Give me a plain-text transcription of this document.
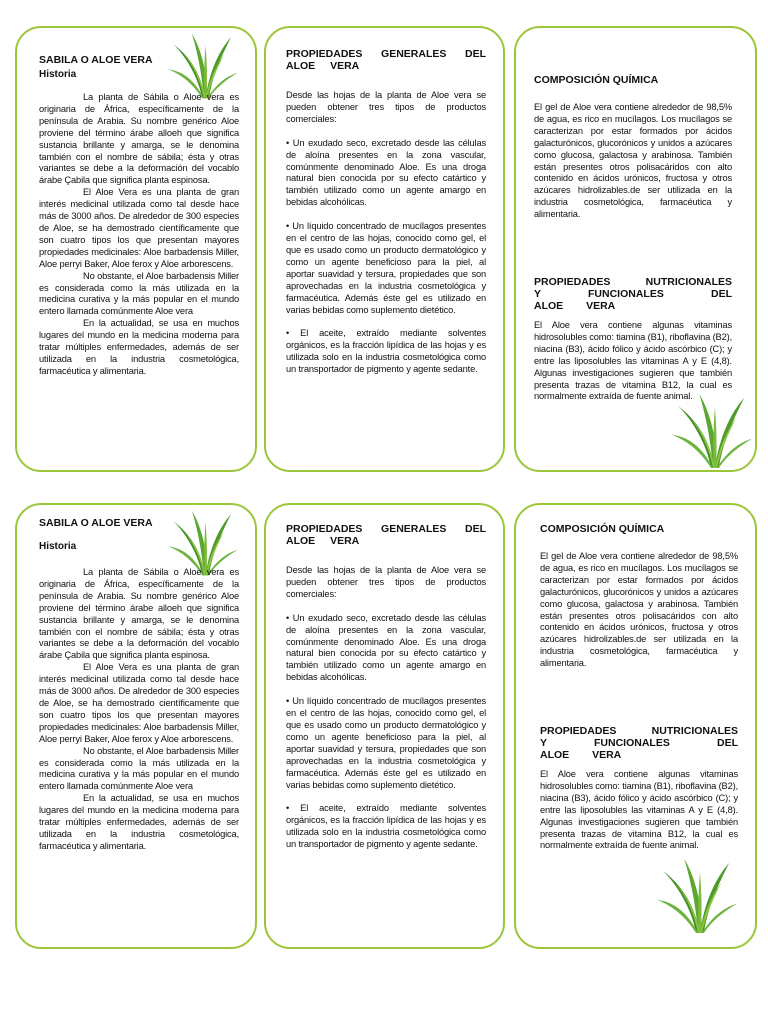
SABILA O ALOE VERA
Historia

La planta de Sábila o Aloe vera es originaria de África, específicamente de la península de Arabia. Su nombre genérico Aloe proviene del término árabe alloeh que significa sustancia brillante y amarga, se le denomina también con el nombre de sábila; ésta y otras variantes se debe a la deformación del vocablo árabe Çabila que significa planta espinosa.

El Aloe Vera es una planta de gran interés medicinal utilizada como tal desde hace más de 3000 años. De alrededor de 300 especies de Aloe, se ha demostrado científicamente que son cuatro tipos los que presentan mayores propiedades medicinales: Aloe barbadensis Miller, Aloe perryi Baker, Aloe ferox y Aloe arborescens.

No obstante, el Aloe barbadensis Miller es considerada como la más utilizada en la medicina curativa y la más popular en el mundo entero llamada comúnmente Aloe vera

En la actualidad, se usa en muchos lugares del mundo en la medicina moderna para tratar múltiples enfermedades, además de ser utilizada en la industria cosmetológica, farmacéutica y alimentaria.

PROPIEDADES GENERALES DEL ALOE VERA

Desde las hojas de la planta de Aloe vera se pueden obtener tres tipos de productos comerciales:

• Un exudado seco, excretado desde las células de aloína presentes en la zona vascular, comúnmente denominado Aloe. Es una droga natural bien conocida por su efecto catártico y también utilizado como un agente amargo en bebidas alcohólicas.

• Un líquido concentrado de mucílagos presentes en el centro de las hojas, conocido como gel, el que es usado como un producto dermatológico y como un agente beneficioso para la piel, al aportar suavidad y tersura, propiedades que son aprovechadas en la industria cosmetológica y farmacéutica. Además éste gel es utilizado en varias bebidas como suplemento dietético.

• El aceite, extraído mediante solventes orgánicos, es la fracción lipídica de las hojas y es utilizada solo en la industria cosmetológica como un transportador de pigmento y agente sedante.

COMPOSICIÓN QUÍMICA
El gel de Aloe vera contiene alrededor de 98,5% de agua, es rico en mucílagos. Los mucílagos se caracterizan por estar formados por ácidos galacturónicos, glucorónicos y unidos a azúcares como glucosa, galactosa y arabinosa. También están presentes otros polisacáridos con alto contenido en ácidos urónicos, fructosa y otros azúcares hidrolizables.de ser utilizada en la industria cosmetológica, farmacéutica y alimentaria.
PROPIEDADES NUTRICIONALES Y FUNCIONALES DEL ALOE VERA
El Aloe vera contiene algunas vitaminas hidrosolubles como: tiamina (B1), riboflavina (B2), niacina (B3), ácido fólico y ácido ascórbico (C); y entre las liposolubles las vitaminas A y E (4,8). Algunas investigaciones sugieren que también presenta trazas de vitamina B12, la cual es normalmente extraída de fuente animal.
SABILA O ALOE VERA
Historia

La planta de Sábila o Aloe vera es originaria de África, específicamente de la península de Arabia. Su nombre genérico Aloe proviene del término árabe alloeh que significa sustancia brillante y amarga, se le denomina también con el nombre de sábila; ésta y otras variantes se debe a la deformación del vocablo árabe Çabila que significa planta espinosa.

El Aloe Vera es una planta de gran interés medicinal utilizada como tal desde hace más de 3000 años. De alrededor de 300 especies de Aloe, se ha demostrado científicamente que son cuatro tipos los que presentan mayores propiedades medicinales: Aloe barbadensis Miller, Aloe perryi Baker, Aloe ferox y Aloe arborescens.

No obstante, el Aloe barbadensis Miller es considerada como la más utilizada en la medicina curativa y la más popular en el mundo entero llamada comúnmente Aloe vera

En la actualidad, se usa en muchos lugares del mundo en la medicina moderna para tratar múltiples enfermedades, además de ser utilizada en la industria cosmetológica, farmacéutica y alimentaria.

PROPIEDADES GENERALES DEL ALOE VERA

Desde las hojas de la planta de Aloe vera se pueden obtener tres tipos de productos comerciales:

• Un exudado seco, excretado desde las células de aloína presentes en la zona vascular, comúnmente denominado Aloe. Es una droga natural bien conocida por su efecto catártico y también utilizado como un agente amargo en bebidas alcohólicas.

• Un líquido concentrado de mucílagos presentes en el centro de las hojas, conocido como gel, el que es usado como un producto dermatológico y como un agente beneficioso para la piel, al aportar suavidad y tersura, propiedades que son aprovechadas en la industria cosmetológica y farmacéutica. Además éste gel es utilizado en varias bebidas como suplemento dietético.

• El aceite, extraído mediante solventes orgánicos, es la fracción lipídica de las hojas y es utilizada solo en la industria cosmetológica como un transportador de pigmento y agente sedante.

COMPOSICIÓN QUÍMICA
El gel de Aloe vera contiene alrededor de 98,5% de agua, es rico en mucílagos. Los mucílagos se caracterizan por estar formados por ácidos galacturónicos, glucorónicos y unidos a azúcares como glucosa, galactosa y arabinosa. También están presentes otros polisacáridos con alto contenido en ácidos urónicos, fructosa y otros azúcares hidrolizables.de ser utilizada en la industria cosmetológica, farmacéutica y alimentaria.
PROPIEDADES NUTRICIONALES Y FUNCIONALES DEL ALOE VERA
El Aloe vera contiene algunas vitaminas hidrosolubles como: tiamina (B1), riboflavina (B2), niacina (B3), ácido fólico y ácido ascórbico (C); y entre las liposolubles las vitaminas A y E (4,8). Algunas investigaciones sugieren que también presenta trazas de vitamina B12, la cual es normalmente extraída de fuente animal.
